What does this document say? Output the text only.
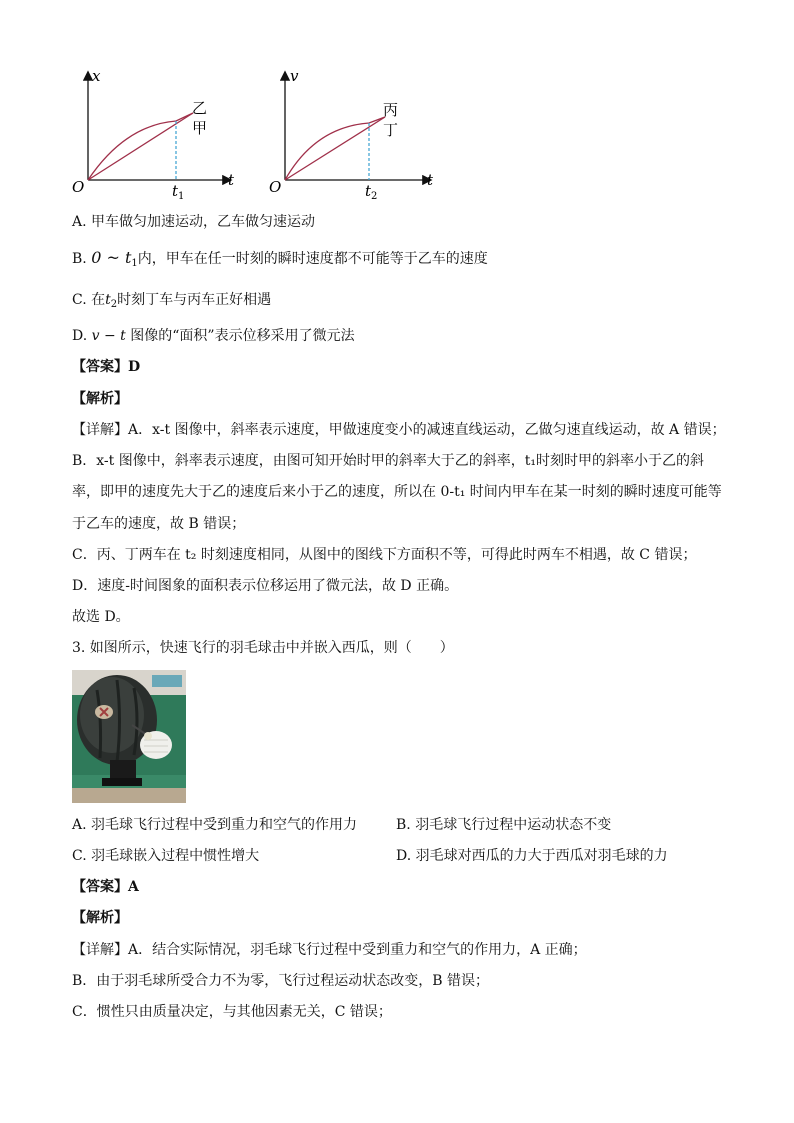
x
O	t
$t_1$
乙
甲
v
O	t
$t_2$
丙
丁
A. 甲车做匀加速运动，乙车做匀速运动
B. 0 ~ $t_1$内，甲车在任一时刻的瞬时速度都不可能等于乙车的速度
C. 在$t_2$时刻丁车与丙车正好相遇
D. v − t 图像的“面积”表示位移采用了微元法
【答案】D
【解析】
【详解】A．x-t 图像中，斜率表示速度，甲做速度变小的减速直线运动，乙做匀速直线运动，故 A 错误；
B．x-t 图像中，斜率表示速度，由图可知开始时甲的斜率大于乙的斜率，t₁时刻时甲的斜率小于乙的斜
率，即甲的速度先大于乙的速度后来小于乙的速度，所以在 0-t₁ 时间内甲车在某一时刻的瞬时速度可能等
于乙车的速度，故 B 错误；
C．丙、丁两车在 t₂ 时刻速度相同，从图中的图线下方面积不等，可得此时两车不相遇，故 C 错误；
D．速度-时间图象的面积表示位移运用了微元法，故 D 正确。
故选 D。
3. 如图所示，快速飞行的羽毛球击中并嵌入西瓜，则（　　）
A. 羽毛球飞行过程中受到重力和空气的作用力	B. 羽毛球飞行过程中运动状态不变
C. 羽毛球嵌入过程中惯性增大	D. 羽毛球对西瓜的力大于西瓜对羽毛球的力
【答案】A
【解析】
【详解】A．结合实际情况，羽毛球飞行过程中受到重力和空气的作用力，A 正确；
B．由于羽毛球所受合力不为零，飞行过程运动状态改变，B 错误；
C．惯性只由质量决定，与其他因素无关，C 错误；
